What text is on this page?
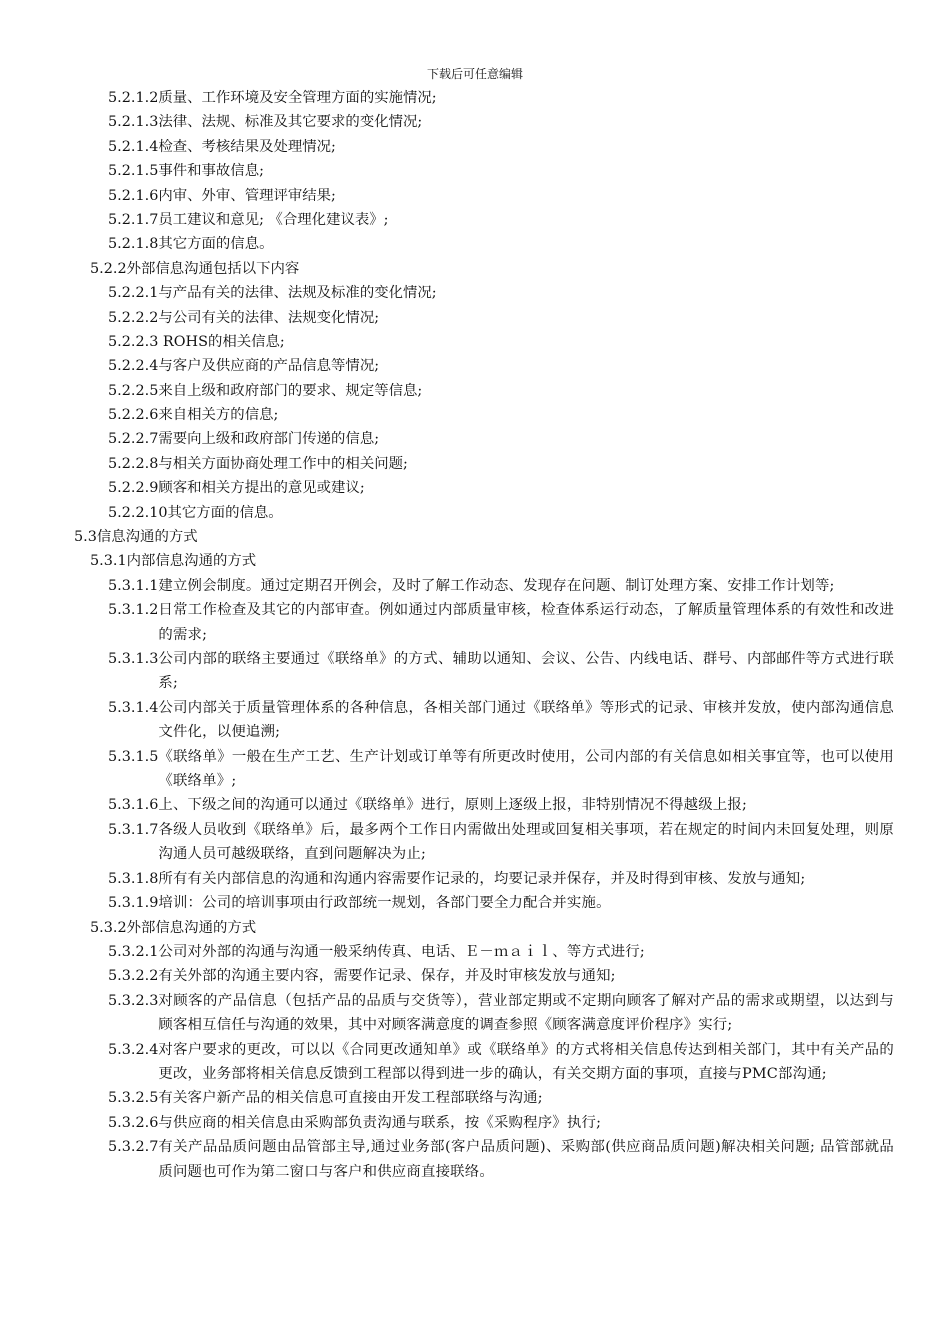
下载后可任意编辑
5.2.1.2质量、工作环境及安全管理方面的实施情况;
5.2.1.3法律、法规、标准及其它要求的变化情况;
5.2.1.4检查、考核结果及处理情况;
5.2.1.5事件和事故信息;
5.2.1.6内审、外审、管理评审结果;
5.2.1.7员工建议和意见; 《合理化建议表》;
5.2.1.8其它方面的信息。
5.2.2外部信息沟通包括以下内容
5.2.2.1与产品有关的法律、法规及标准的变化情况;
5.2.2.2与公司有关的法律、法规变化情况;
5.2.2.3 ROHS的相关信息;
5.2.2.4与客户及供应商的产品信息等情况;
5.2.2.5来自上级和政府部门的要求、规定等信息;
5.2.2.6来自相关方的信息;
5.2.2.7需要向上级和政府部门传递的信息;
5.2.2.8与相关方面协商处理工作中的相关问题;
5.2.2.9顾客和相关方提出的意见或建议;
5.2.2.10其它方面的信息。
5.3信息沟通的方式
5.3.1内部信息沟通的方式
5.3.1.1 建立例会制度。通过定期召开例会，及时了解工作动态、发现存在问题、制订处理方案、安排工作计划等;
5.3.1.2 日常工作检查及其它的内部审查。例如通过内部质量审核，检查体系运行动态，了解质量管理体系的有效性和改进的需求;
5.3.1.3 公司内部的联络主要通过《联络单》的方式、辅助以通知、会议、公告、内线电话、群号、内部邮件等方式进行联系;
5.3.1.4 公司内部关于质量管理体系的各种信息，各相关部门通过《联络单》等形式的记录、审核并发放，使内部沟通信息文件化，以便追溯;
5.3.1.5 《联络单》一般在生产工艺、生产计划或订单等有所更改时使用，公司内部的有关信息如相关事宜等，也可以使用《联络单》;
5.3.1.6 上、下级之间的沟通可以通过《联络单》进行，原则上逐级上报，非特别情况不得越级上报;
5.3.1.7 各级人员收到《联络单》后，最多两个工作日内需做出处理或回复相关事项，若在规定的时间内未回复处理，则原沟通人员可越级联络，直到问题解决为止;
5.3.1.8 所有有关内部信息的沟通和沟通内容需要作记录的，均要记录并保存，并及时得到审核、发放与通知;
5.3.1.9 培训：公司的培训事项由行政部统一规划，各部门要全力配合并实施。
5.3.2外部信息沟通的方式
5.3.2.1 公司对外部的沟通与沟通一般采纳传真、电话、Ｅ－ｍａｉｌ、等方式进行;
5.3.2.2 有关外部的沟通主要内容，需要作记录、保存，并及时审核发放与通知;
5.3.2.3 对顾客的产品信息（包括产品的品质与交货等），营业部定期或不定期向顾客了解对产品的需求或期望，以达到与顾客相互信任与沟通的效果，其中对顾客满意度的调查参照《顾客满意度评价程序》实行;
5.3.2.4 对客户要求的更改，可以以《合同更改通知单》或《联络单》的方式将相关信息传达到相关部门，其中有关产品的更改，业务部将相关信息反馈到工程部以得到进一步的确认，有关交期方面的事项，直接与PMC部沟通;
5.3.2.5 有关客户新产品的相关信息可直接由开发工程部联络与沟通;
5.3.2.6 与供应商的相关信息由采购部负责沟通与联系，按《采购程序》执行;
5.3.2.7 有关产品品质问题由品管部主导,通过业务部(客户品质问题)、采购部(供应商品质问题)解决相关问题; 品管部就品质问题也可作为第二窗口与客户和供应商直接联络。
